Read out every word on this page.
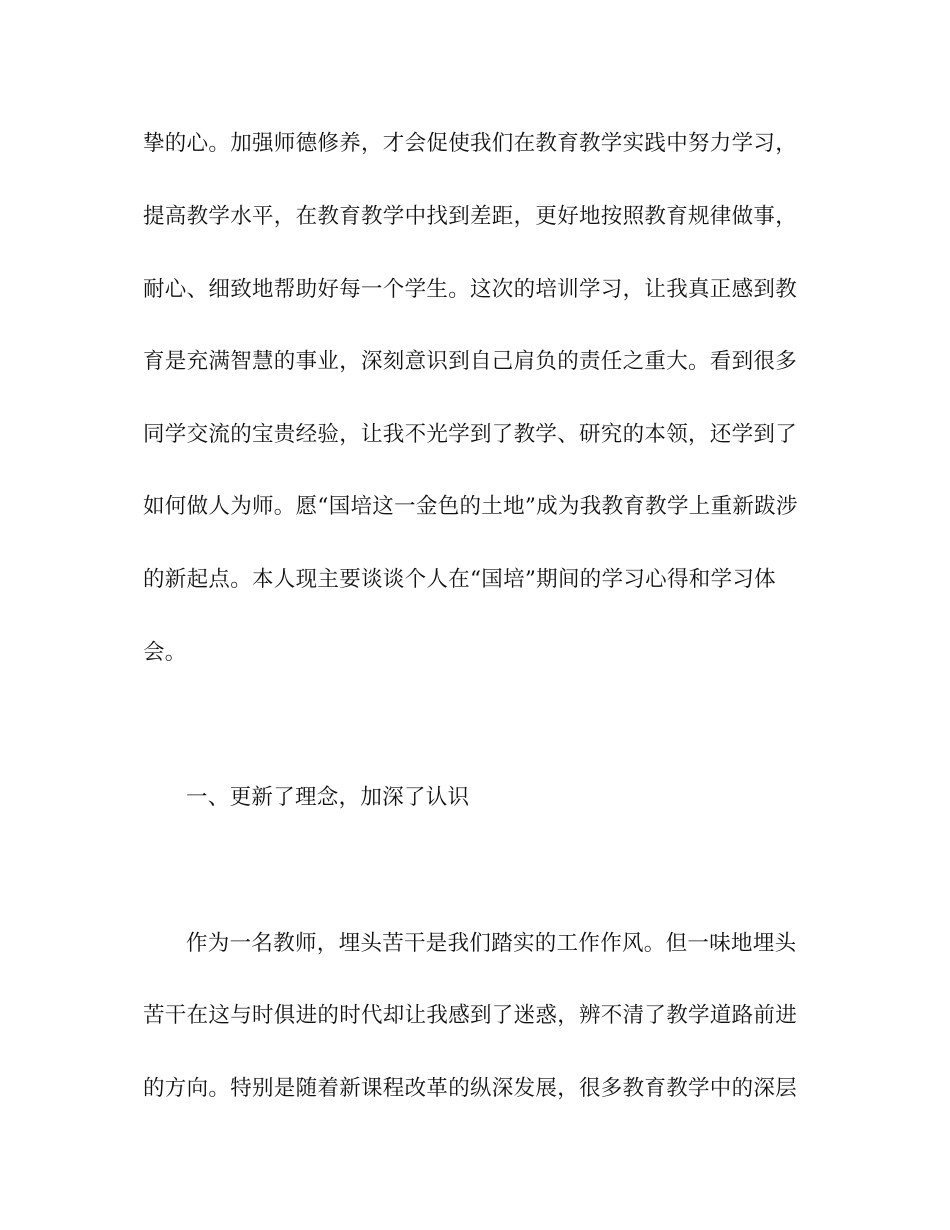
挚的心。加强师德修养，才会促使我们在教育教学实践中努力学习，
提高教学水平，在教育教学中找到差距，更好地按照教育规律做事，
耐心、细致地帮助好每一个学生。这次的培训学习，让我真正感到教
育是充满智慧的事业，深刻意识到自己肩负的责任之重大。看到很多
同学交流的宝贵经验，让我不光学到了教学、研究的本领，还学到了
如何做人为师。愿“国培这一金色的土地”成为我教育教学上重新跋涉
的新起点。本人现主要谈谈个人在“国培”期间的学习心得和学习体
会。
一、更新了理念，加深了认识
作为一名教师，埋头苦干是我们踏实的工作作风。但一味地埋头
苦干在这与时俱进的时代却让我感到了迷惑，辨不清了教学道路前进
的方向。特别是随着新课程改革的纵深发展，很多教育教学中的深层
